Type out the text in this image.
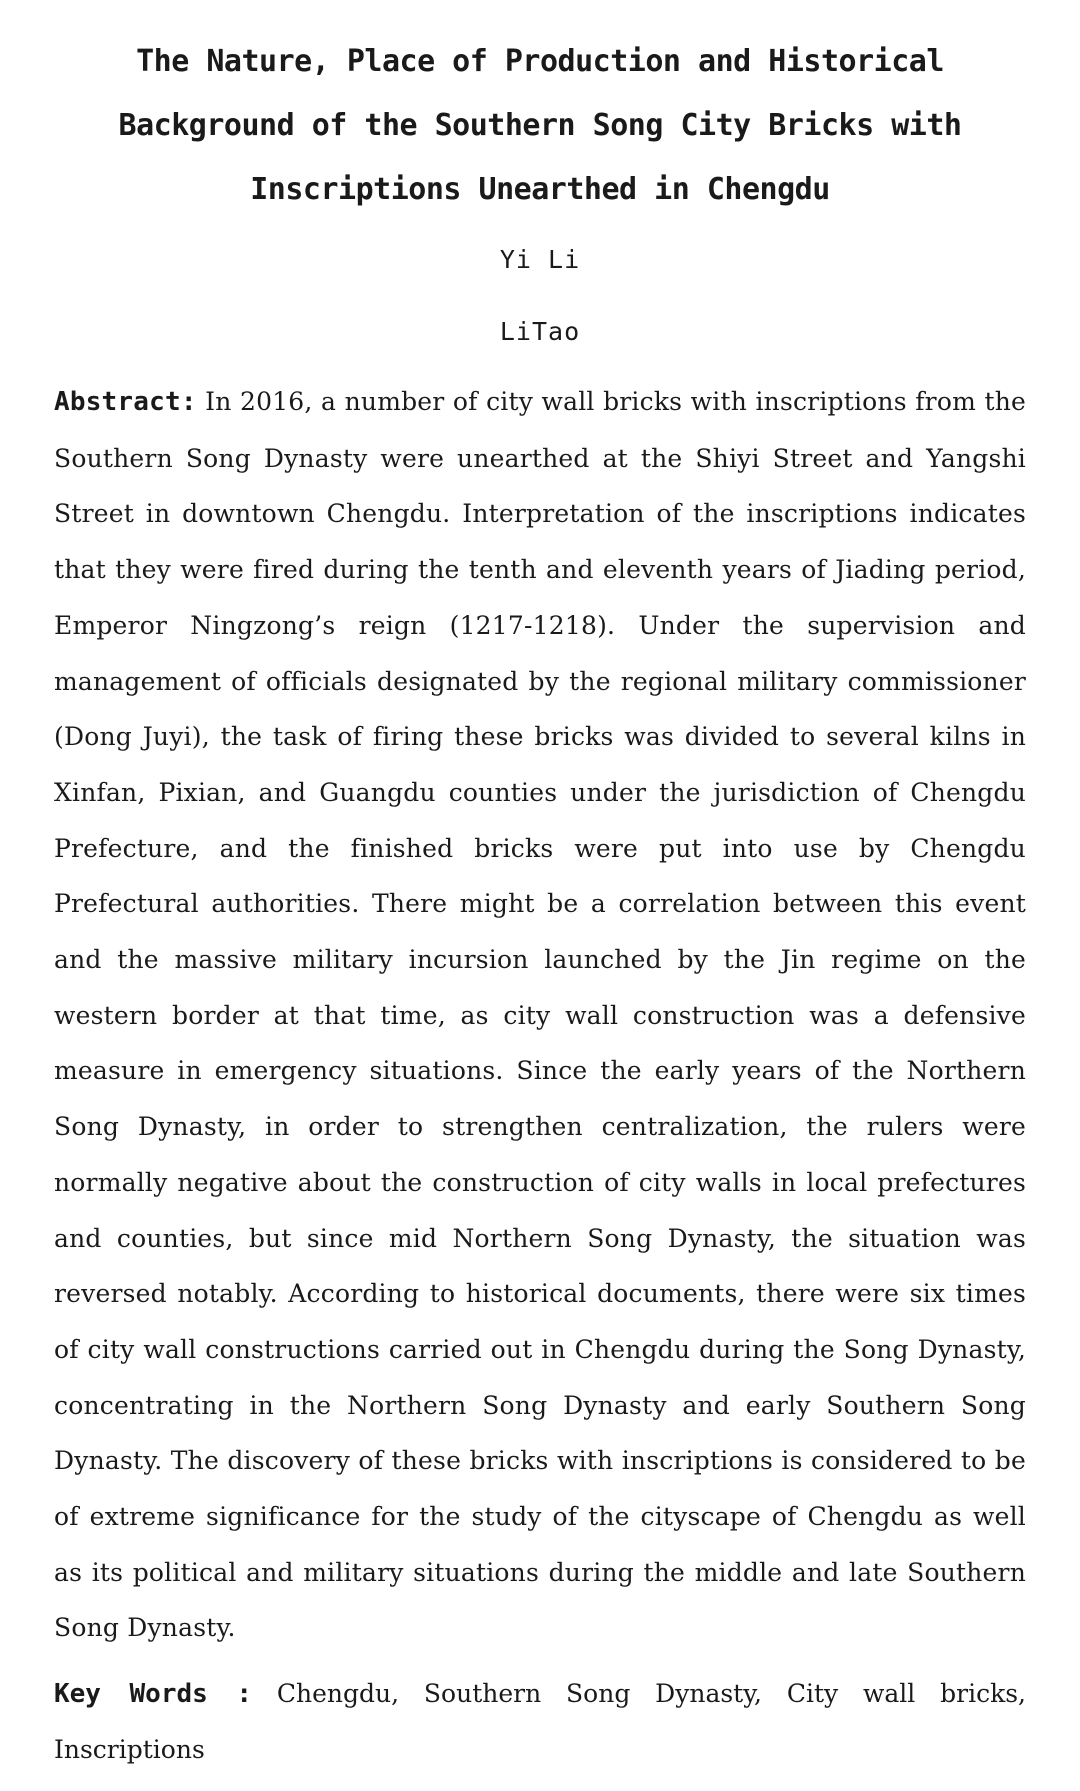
The Nature, Place of Production and Historical Background of the Southern Song City Bricks with Inscriptions Unearthed in Chengdu
Yi Li
LiTao

Abstract: In 2016, a number of city wall bricks with inscriptions from the Southern Song Dynasty were unearthed at the Shiyi Street and Yangshi Street in downtown Chengdu. Interpretation of the inscriptions indicates that they were fired during the tenth and eleventh years of Jiading period, Emperor Ningzong’s reign (1217-1218). Under the supervision and management of officials designated by the regional military commissioner (Dong Juyi), the task of firing these bricks was divided to several kilns in Xinfan, Pixian, and Guangdu counties under the jurisdiction of Chengdu Prefecture, and the finished bricks were put into use by Chengdu Prefectural authorities. There might be a correlation between this event and the massive military incursion launched by the Jin regime on the western border at that time, as city wall construction was a defensive measure in emergency situations. Since the early years of the Northern Song Dynasty, in order to strengthen centralization, the rulers were normally negative about the construction of city walls in local prefectures and counties, but since mid Northern Song Dynasty, the situation was reversed notably. According to historical documents, there were six times of city wall constructions carried out in Chengdu during the Song Dynasty, concentrating in the Northern Song Dynasty and early Southern Song Dynasty. The discovery of these bricks with inscriptions is considered to be of extreme significance for the study of the cityscape of Chengdu as well as its political and military situations during the middle and late Southern Song Dynasty.

Key Words : Chengdu, Southern Song Dynasty, City wall bricks, Inscriptions
